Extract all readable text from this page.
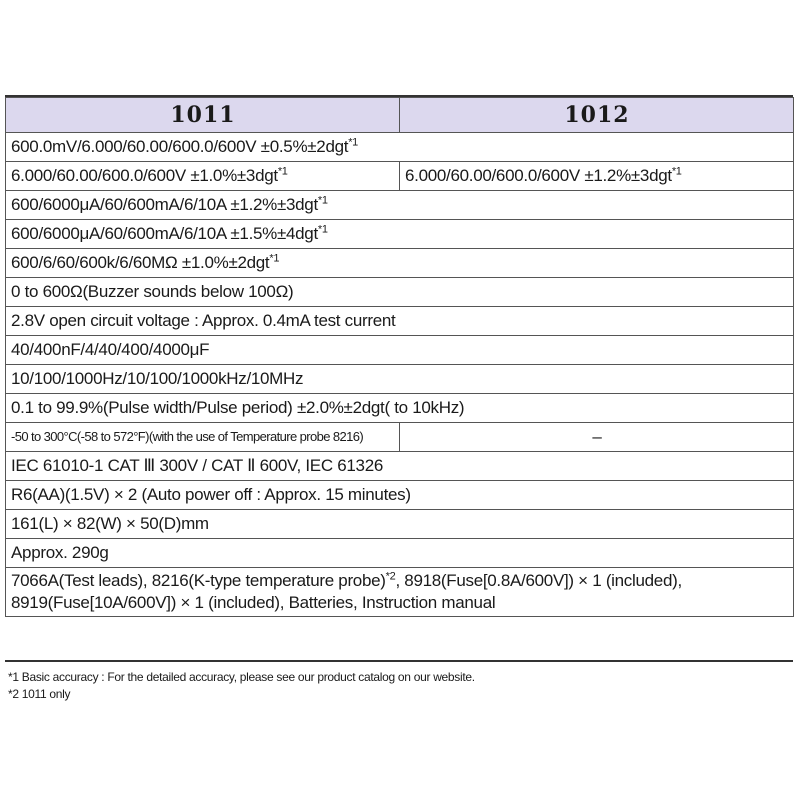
1011	1012
600.0mV/6.000/60.00/600.0/600V ±0.5%±2dgt$^{*1}$
6.000/60.00/600.0/600V ±1.0%±3dgt$^{*1}$	6.000/60.00/600.0/600V ±1.2%±3dgt$^{*1}$
600/6000μA/60/600mA/6/10A ±1.2%±3dgt$^{*1}$
600/6000μA/60/600mA/6/10A ±1.5%±4dgt$^{*1}$
600/6/60/600k/6/60MΩ ±1.0%±2dgt$^{*1}$
0 to 600Ω(Buzzer sounds below 100Ω)	
2.8V open circuit voltage : Approx. 0.4mA test current	
40/400nF/4/40/400/4000μF	
10/100/1000Hz/10/100/1000kHz/10MHz	
0.1 to 99.9%(Pulse width/Pulse period) ±2.0%±2dgt( to 10kHz)	
-50 to 300°C(-58 to 572°F)(with the use of Temperature probe 8216)	–
IEC 61010-1 CAT Ⅲ 300V / CAT Ⅱ 600V, IEC 61326	
R6(AA)(1.5V) × 2 (Auto power off : Approx. 15 minutes)	
161(L) × 82(W) × 50(D)mm	
Approx. 290g	
7066A(Test leads), 8216(K-type temperature probe)$^{*2}$, 8918(Fuse[0.8A/600V]) × 1 (included), 8919(Fuse[10A/600V]) × 1 (included), Batteries, Instruction manual	
*1 Basic accuracy : For the detailed accuracy, please see our product catalog on our website.
*2 1011 only
